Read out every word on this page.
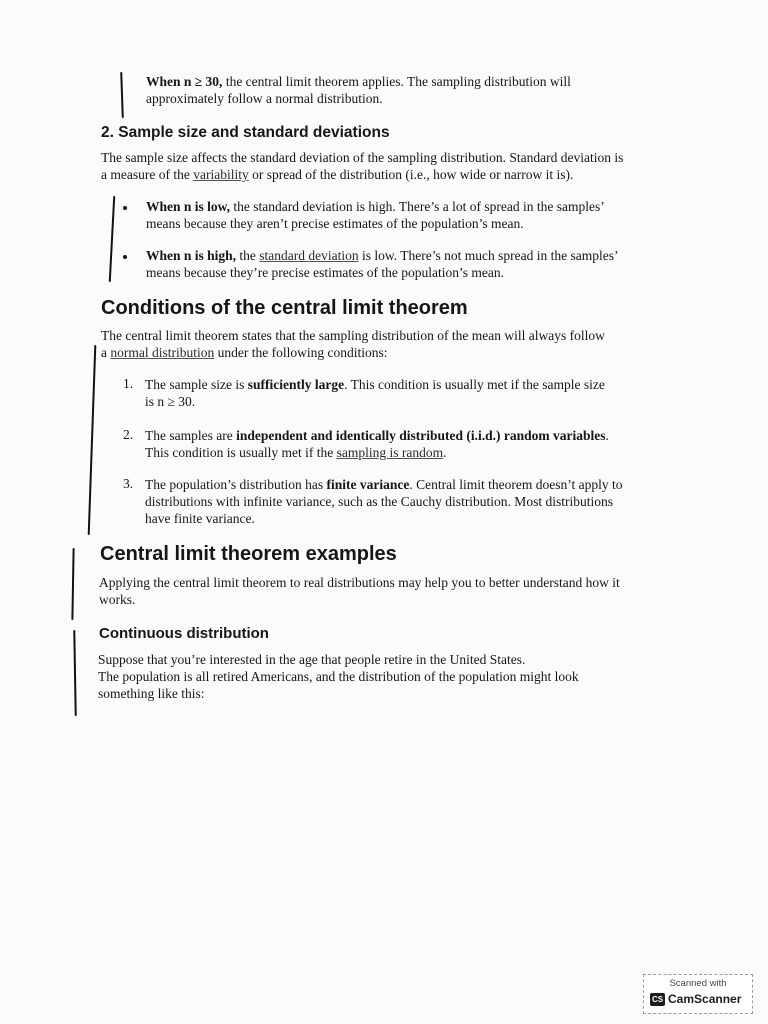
When n ≥ 30, the central limit theorem applies. The sampling distribution will
approximately follow a normal distribution.
2. Sample size and standard deviations
The sample size affects the standard deviation of the sampling distribution. Standard deviation is
a measure of the variability or spread of the distribution (i.e., how wide or narrow it is).
When n is low, the standard deviation is high. There’s a lot of spread in the samples’
means because they aren’t precise estimates of the population’s mean.
When n is high, the standard deviation is low. There’s not much spread in the samples’
means because they’re precise estimates of the population’s mean.
Conditions of the central limit theorem
The central limit theorem states that the sampling distribution of the mean will always follow
a normal distribution under the following conditions:
1. The sample size is sufficiently large. This condition is usually met if the sample size
is n ≥ 30.
2. The samples are independent and identically distributed (i.i.d.) random variables.
This condition is usually met if the sampling is random.
3. The population’s distribution has finite variance. Central limit theorem doesn’t apply to
distributions with infinite variance, such as the Cauchy distribution. Most distributions
have finite variance.
Central limit theorem examples
Applying the central limit theorem to real distributions may help you to better understand how it
works.
Continuous distribution
Suppose that you’re interested in the age that people retire in the United States.
The population is all retired Americans, and the distribution of the population might look
something like this:
Scanned with
CS CamScanner
